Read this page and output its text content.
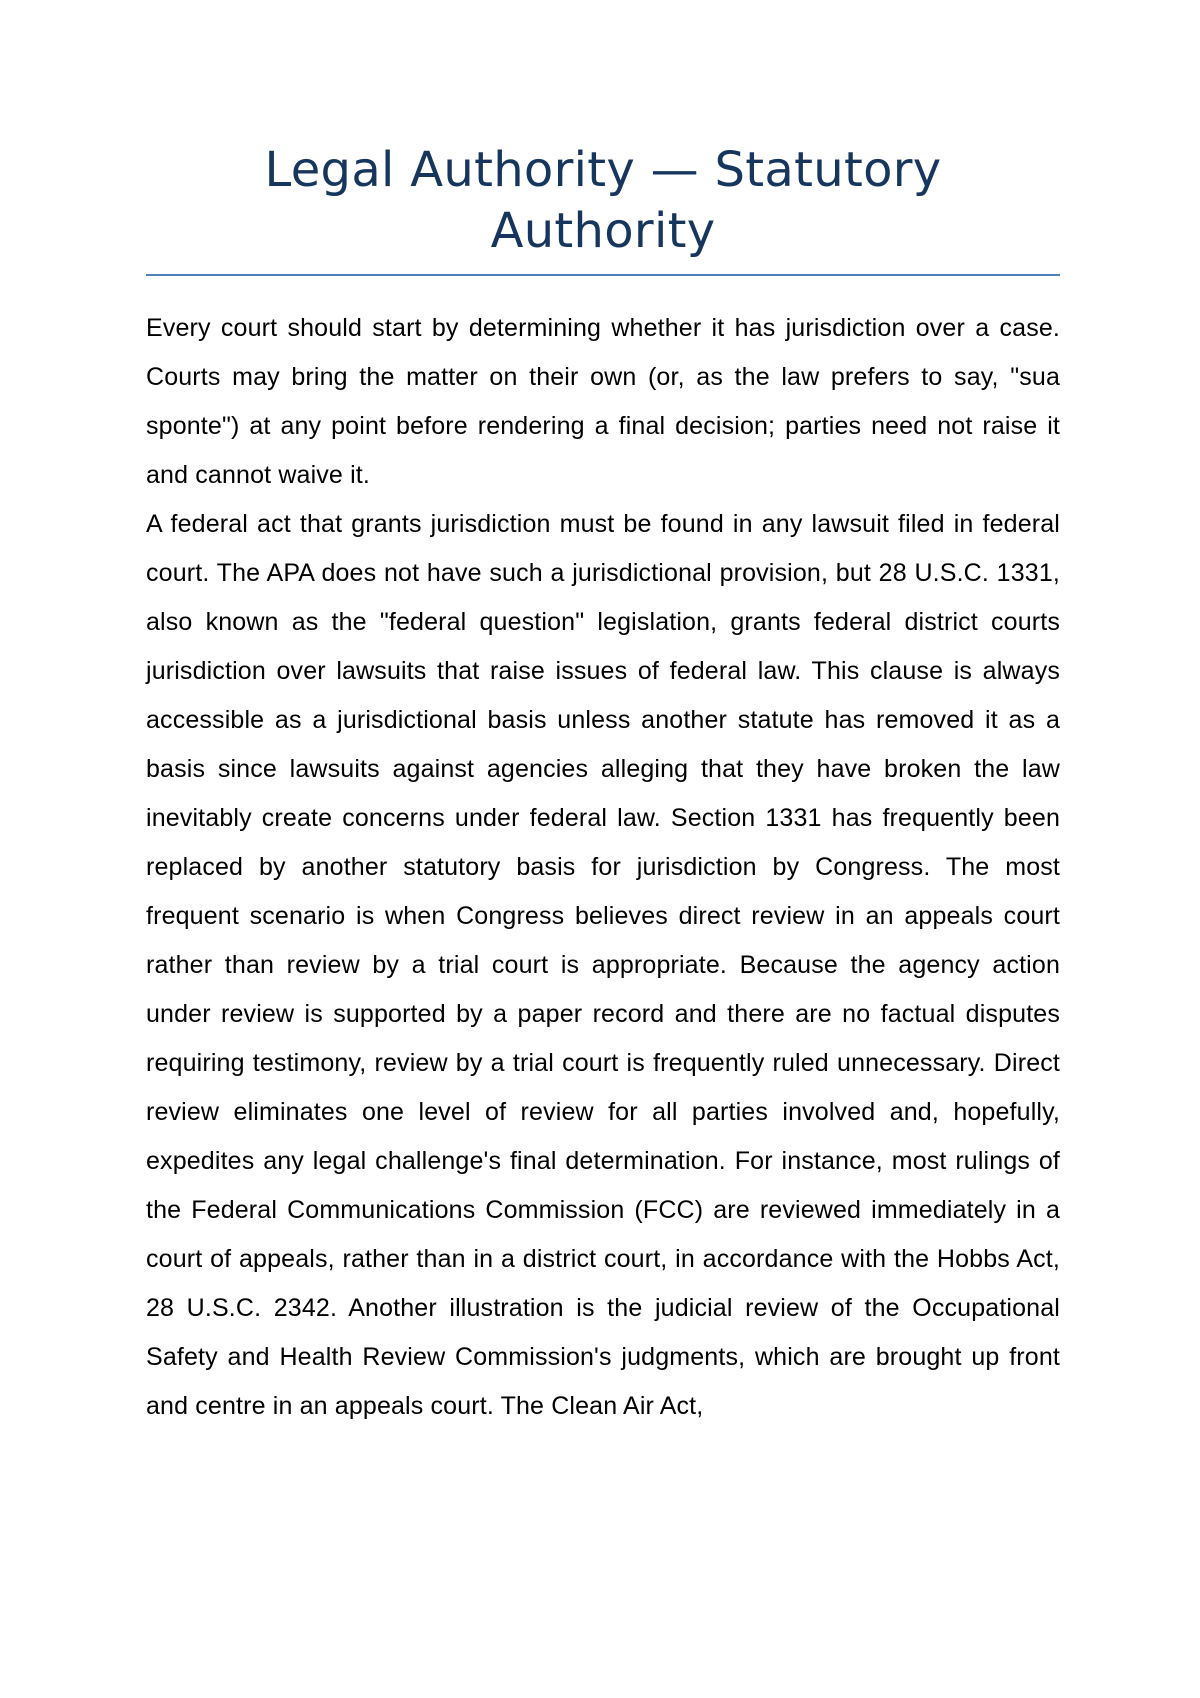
Legal Authority — Statutory Authority

Every court should start by determining whether it has jurisdiction over a case. Courts may bring the matter on their own (or, as the law prefers to say, "sua sponte") at any point before rendering a final decision; parties need not raise it and cannot waive it.

A federal act that grants jurisdiction must be found in any lawsuit filed in federal court. The APA does not have such a jurisdictional provision, but 28 U.S.C. 1331, also known as the "federal question" legislation, grants federal district courts jurisdiction over lawsuits that raise issues of federal law. This clause is always accessible as a jurisdictional basis unless another statute has removed it as a basis since lawsuits against agencies alleging that they have broken the law inevitably create concerns under federal law. Section 1331 has frequently been replaced by another statutory basis for jurisdiction by Congress. The most frequent scenario is when Congress believes direct review in an appeals court rather than review by a trial court is appropriate. Because the agency action under review is supported by a paper record and there are no factual disputes requiring testimony, review by a trial court is frequently ruled unnecessary. Direct review eliminates one level of review for all parties involved and, hopefully, expedites any legal challenge's final determination. For instance, most rulings of the Federal Communications Commission (FCC) are reviewed immediately in a court of appeals, rather than in a district court, in accordance with the Hobbs Act, 28 U.S.C. 2342. Another illustration is the judicial review of the Occupational Safety and Health Review Commission's judgments, which are brought up front and centre in an appeals court. The Clean Air Act,
